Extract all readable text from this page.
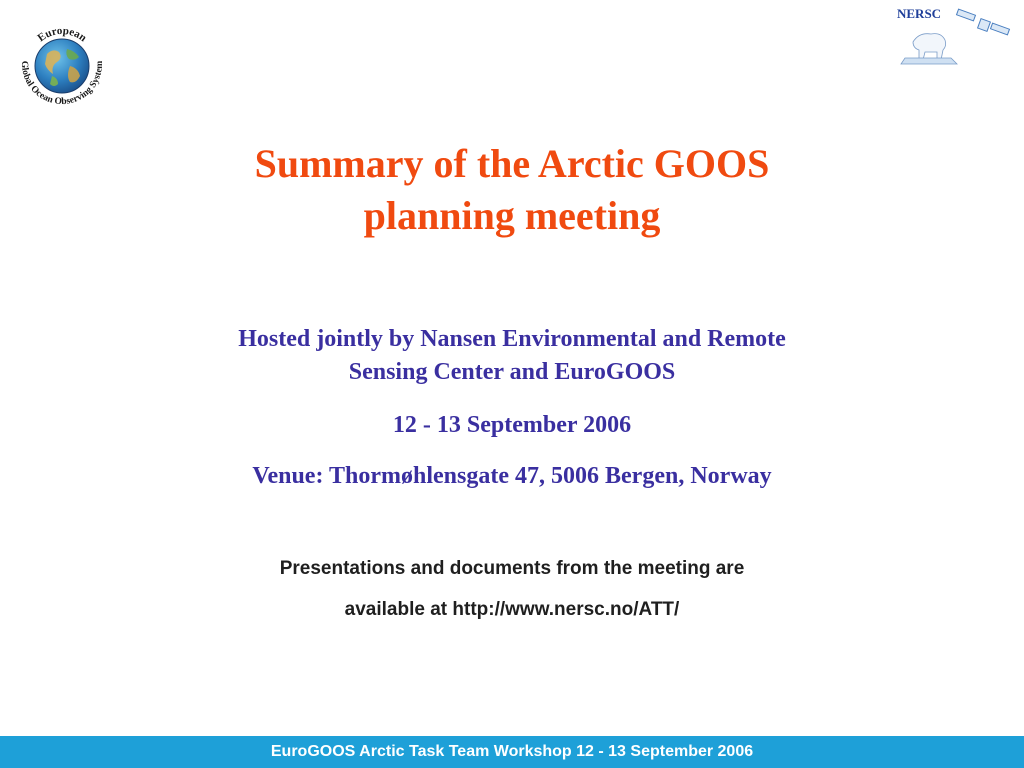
European
Global Ocean Observing System
NERSC
Summary of the Arctic GOOS
planning meeting
Hosted jointly by Nansen Environmental and Remote
Sensing Center and EuroGOOS
12 - 13 September 2006
Venue: Thormøhlensgate 47, 5006 Bergen, Norway
Presentations and documents from the meeting are
available at http://www.nersc.no/ATT/
EuroGOOS Arctic Task Team Workshop 12 - 13 September 2006
